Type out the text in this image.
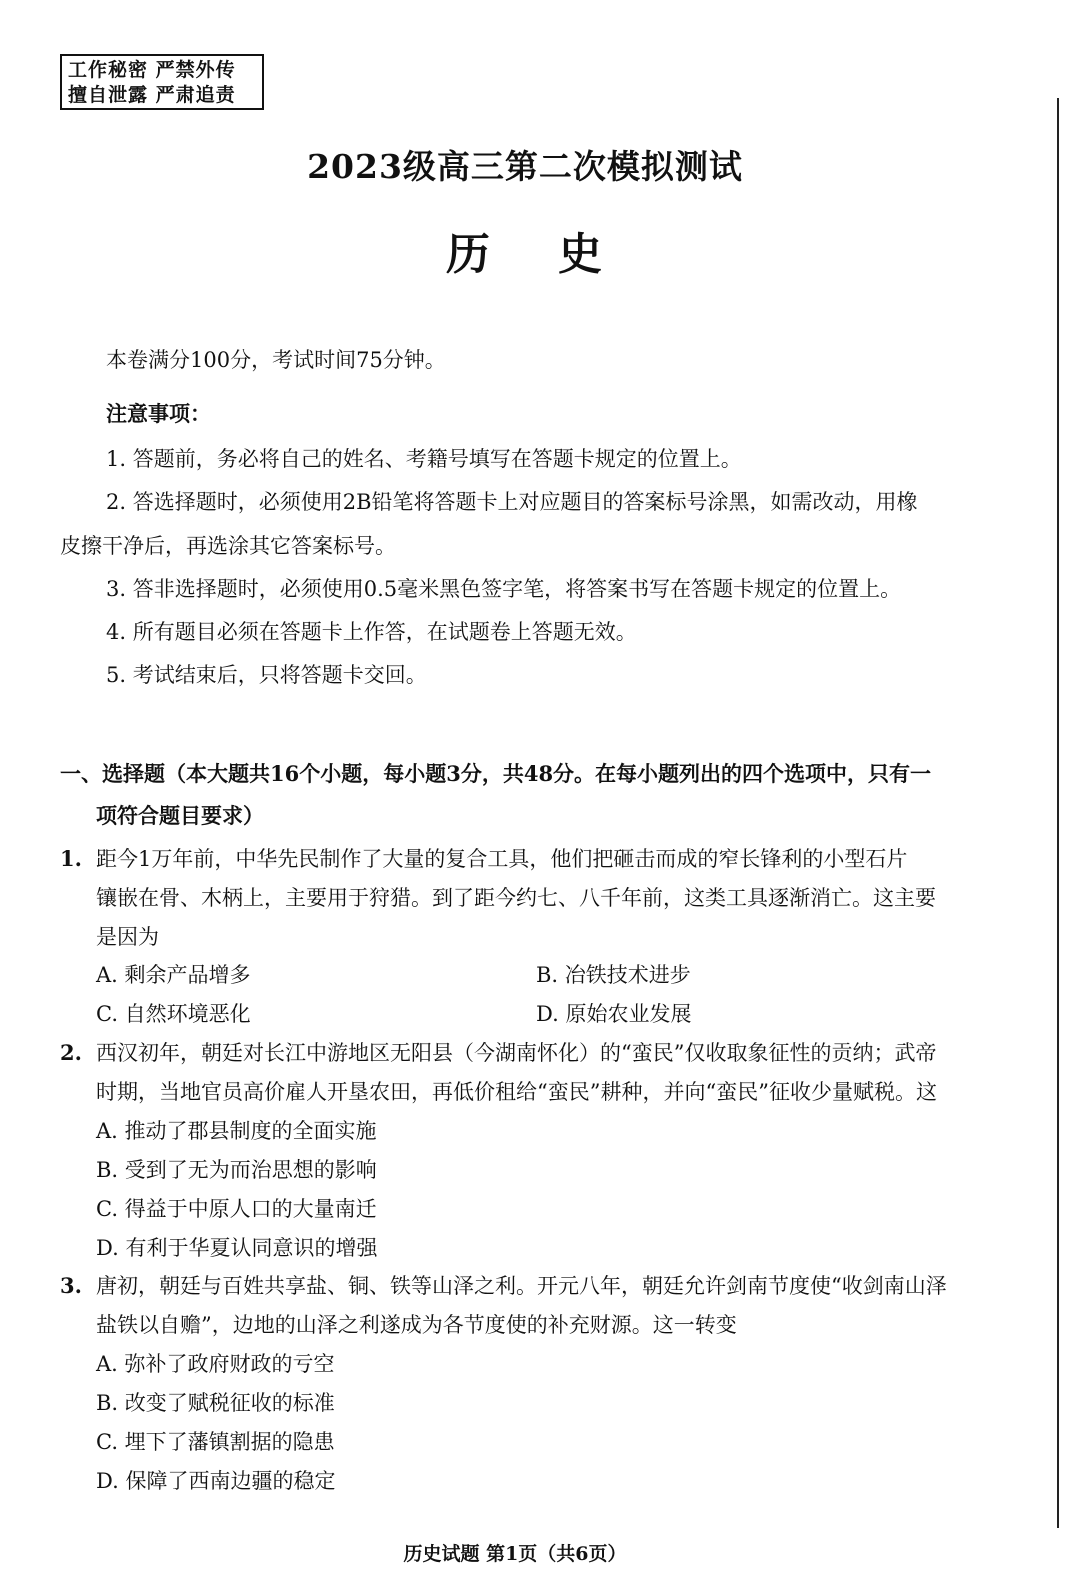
工作秘密 严禁外传
擅自泄露 严肃追责
2023级高三第二次模拟测试
历 史
本卷满分100分，考试时间75分钟。
注意事项：
1. 答题前，务必将自己的姓名、考籍号填写在答题卡规定的位置上。
2. 答选择题时，必须使用2B铅笔将答题卡上对应题目的答案标号涂黑，如需改动，用橡
皮擦干净后，再选涂其它答案标号。
3. 答非选择题时，必须使用0.5毫米黑色签字笔，将答案书写在答题卡规定的位置上。
4. 所有题目必须在答题卡上作答，在试题卷上答题无效。
5. 考试结束后，只将答题卡交回。
一、选择题（本大题共16个小题，每小题3分，共48分。在每小题列出的四个选项中，只有一
项符合题目要求）
1. 距今1万年前，中华先民制作了大量的复合工具，他们把砸击而成的窄长锋利的小型石片
镶嵌在骨、木柄上，主要用于狩猎。到了距今约七、八千年前，这类工具逐渐消亡。这主要
是因为
A. 剩余产品增多	B. 冶铁技术进步
C. 自然环境恶化	D. 原始农业发展
2. 西汉初年，朝廷对长江中游地区无阳县（今湖南怀化）的“蛮民”仅收取象征性的贡纳；武帝
时期，当地官员高价雇人开垦农田，再低价租给“蛮民”耕种，并向“蛮民”征收少量赋税。这
A. 推动了郡县制度的全面实施
B. 受到了无为而治思想的影响
C. 得益于中原人口的大量南迁
D. 有利于华夏认同意识的增强
3. 唐初，朝廷与百姓共享盐、铜、铁等山泽之利。开元八年，朝廷允许剑南节度使“收剑南山泽
盐铁以自赡”，边地的山泽之利遂成为各节度使的补充财源。这一转变
A. 弥补了政府财政的亏空
B. 改变了赋税征收的标准
C. 埋下了藩镇割据的隐患
D. 保障了西南边疆的稳定
历史试题 第1页（共6页）
